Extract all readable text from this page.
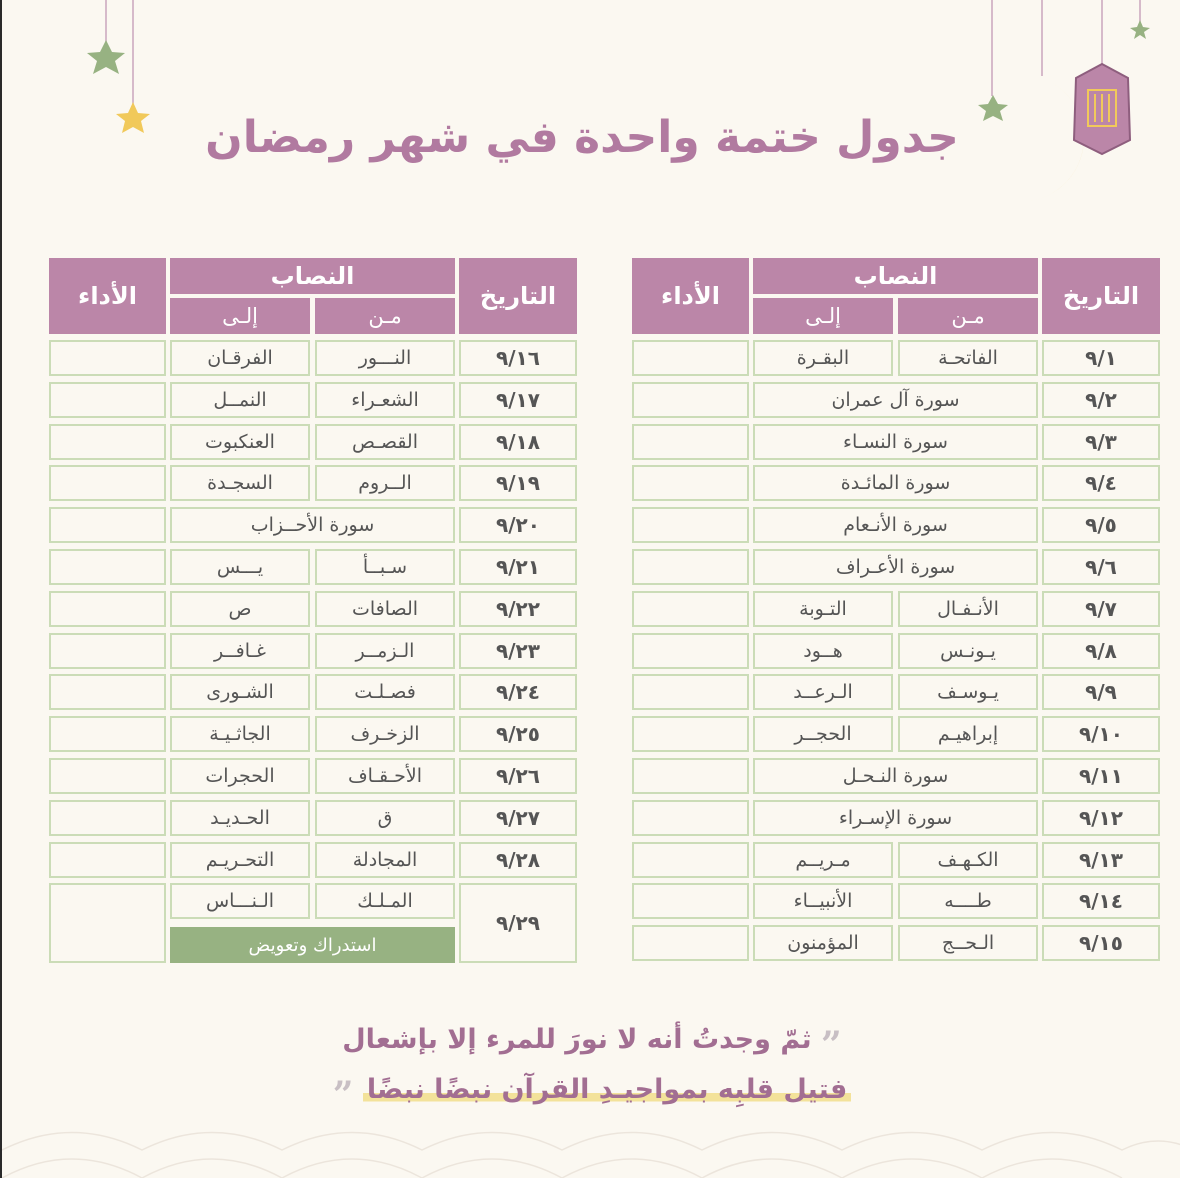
جدول ختمة واحدة في شهر رمضان
التاريخ
النصاب
مـن
إلـى
الأداء
٩/١
الفاتحـة
البقـرة
٩/٢
سورة آل عمران
٩/٣
سورة النسـاء
٩/٤
سورة المائـدة
٩/٥
سورة الأنـعام
٩/٦
سورة الأعـراف
٩/٧
الأنـفـال
التـوبة
٩/٨
يـونـس
هــود
٩/٩
يـوسـف
الـرعــد
٩/١٠
إبراهيـم
الحجــر
٩/١١
سورة النـحـل
٩/١٢
سورة الإسـراء
٩/١٣
الكـهـف
مـريــم
٩/١٤
طــــه
الأنبيــاء
٩/١٥
الـحــج
المؤمنون
التاريخ
النصاب
مـن
إلـى
الأداء
٩/١٦
النـــور
الفرقـان
٩/١٧
الشعـراء
النمــل
٩/١٨
القصـص
العنكبوت
٩/١٩
الــروم
السجـدة
٩/٢٠
سورة الأحــزاب
٩/٢١
سـبــأ
يـــس
٩/٢٢
الصافات
ص
٩/٢٣
الـزمــر
غـافــر
٩/٢٤
فصـلـت
الشـورى
٩/٢٥
الزخـرف
الجاثـيـة
٩/٢٦
الأحـقـاف
الحجرات
٩/٢٧
ق
الحـديـد
٩/٢٨
المجادلة
التحـريـم
٩/٢٩
المـلـك
الـنـــاس
استدراك وتعويض
” ثمّ وجدتُ أنه لا نورَ للمرء إلا بإشعال
فتيل قلبِه بمواجيـدِ القرآن نبضًا نبضًا ”
